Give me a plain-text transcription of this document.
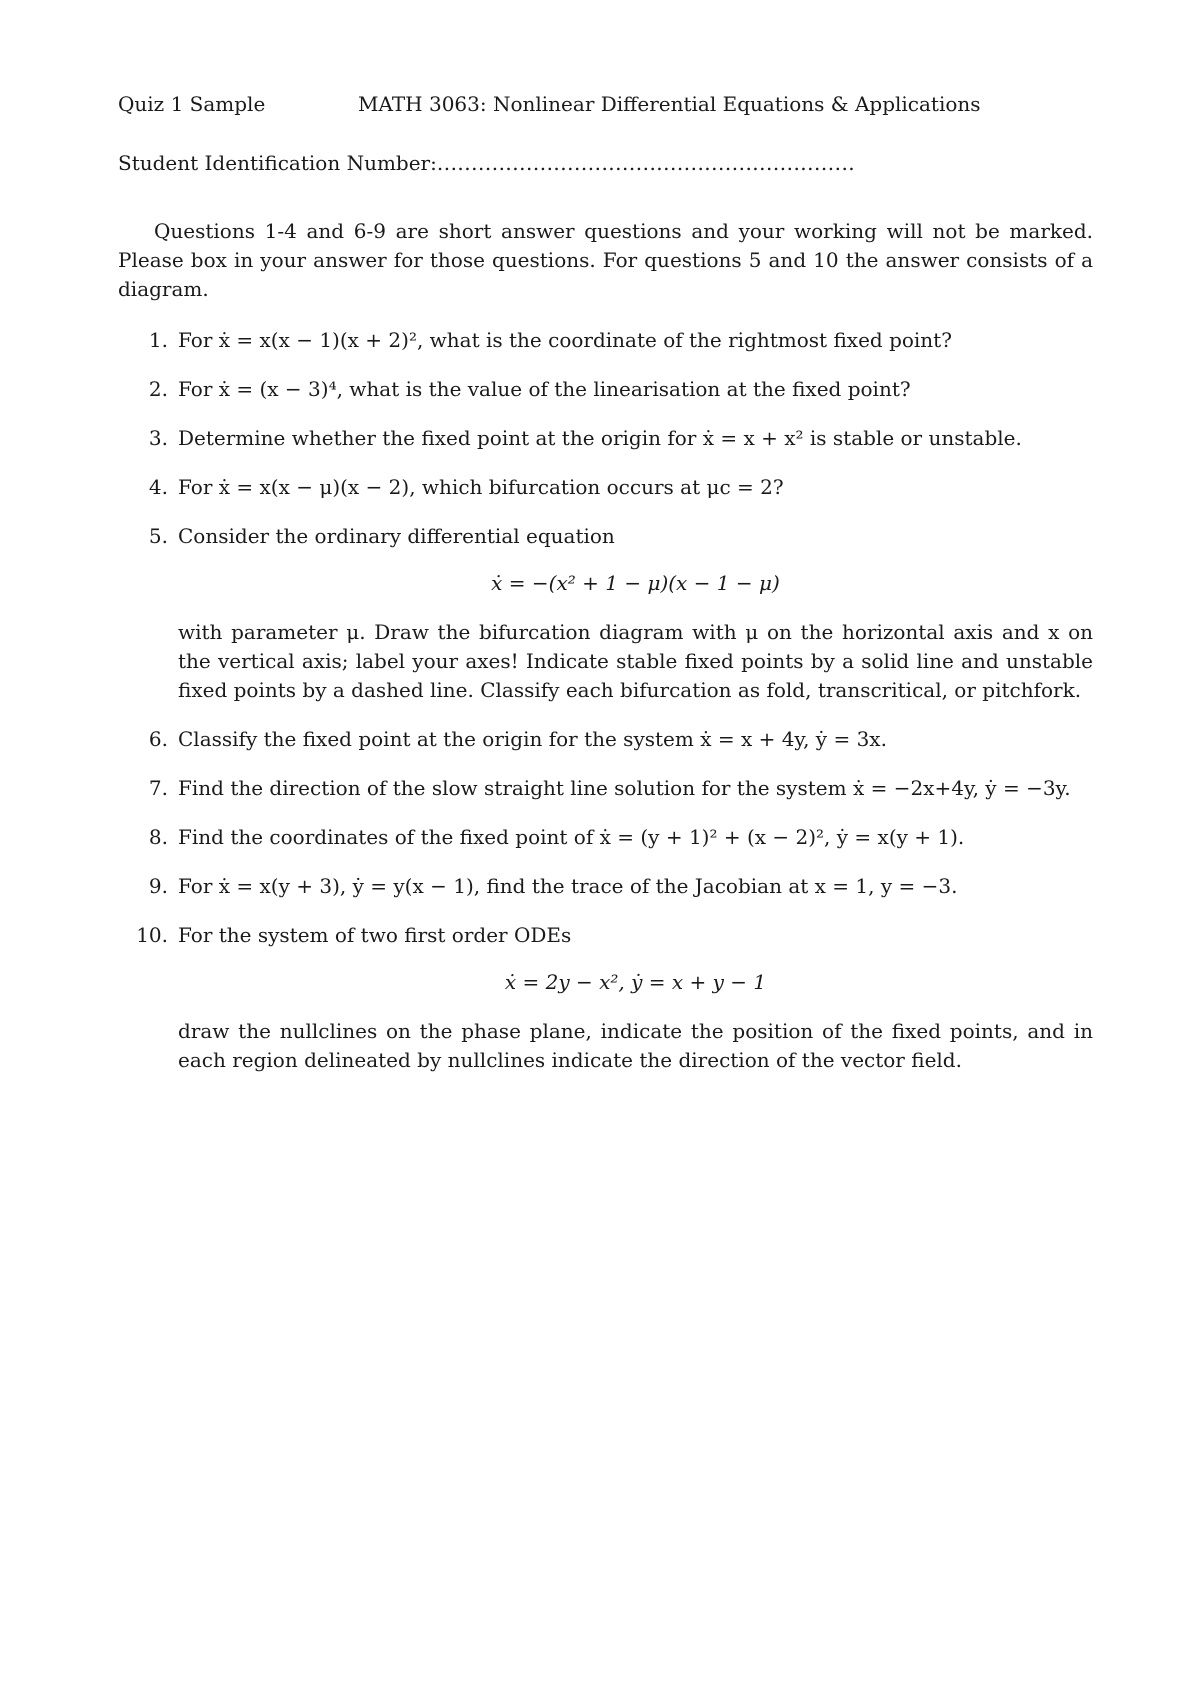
Quiz 1 Sample	MATH 3063: Nonlinear Differential Equations & Applications
Student Identification Number: .............................................................

Questions 1-4 and 6-9 are short answer questions and your working will not be marked. Please box in your answer for those questions. For questions 5 and 10 the answer consists of a diagram.

1. For ẋ = x(x − 1)(x + 2)², what is the coordinate of the rightmost fixed point?
2. For ẋ = (x − 3)⁴, what is the value of the linearisation at the fixed point?
3. Determine whether the fixed point at the origin for ẋ = x + x² is stable or unstable.
4. For ẋ = x(x − μ)(x − 2), which bifurcation occurs at μc = 2?
5. Consider the ordinary differential equation

ẋ = −(x² + 1 − μ)(x − 1 − μ)

with parameter μ. Draw the bifurcation diagram with μ on the horizontal axis and x on the vertical axis; label your axes! Indicate stable fixed points by a solid line and unstable fixed points by a dashed line. Classify each bifurcation as fold, transcritical, or pitchfork.

6. Classify the fixed point at the origin for the system ẋ = x + 4y, ẏ = 3x.
7. Find the direction of the slow straight line solution for the system ẋ = −2x+4y, ẏ = −3y.
8. Find the coordinates of the fixed point of ẋ = (y + 1)² + (x − 2)², ẏ = x(y + 1).
9. For ẋ = x(y + 3), ẏ = y(x − 1), find the trace of the Jacobian at x = 1, y = −3.
10. For the system of two first order ODEs

ẋ = 2y − x², ẏ = x + y − 1

draw the nullclines on the phase plane, indicate the position of the fixed points, and in each region delineated by nullclines indicate the direction of the vector field.
